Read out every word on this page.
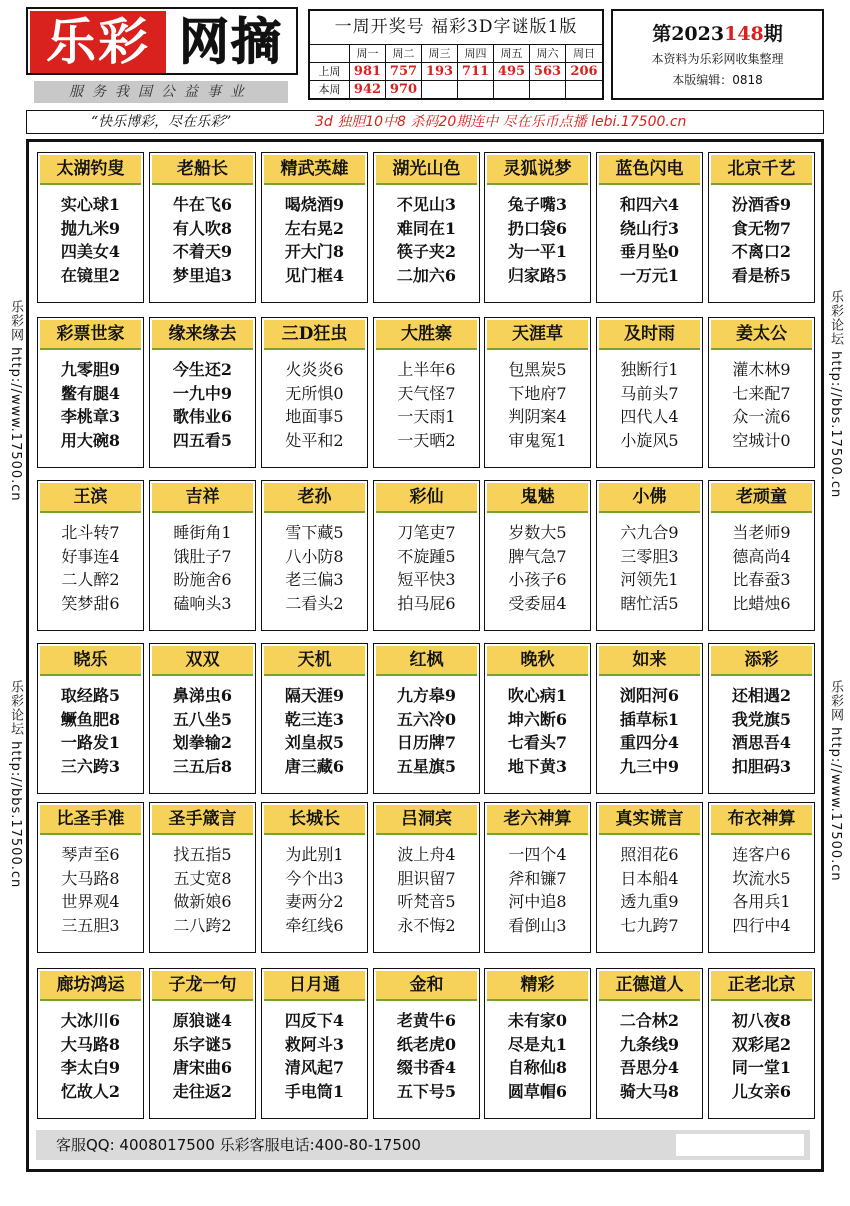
乐彩 网摘
服务我国公益事业
一周开奖号 福彩3D字谜版1版
周一	周二	周三	周四	周五	周六	周日
上周	981 757 193 711 495 563 206
本周	942 970
第2023148期
本资料为乐彩网收集整理
本版编辑：0818
“快乐博彩，尽在乐彩”	3d 独胆10中8 杀码20期连中 尽在乐币点播 lebi.17500.cn
乐彩网 http://www.17500.cn
乐彩论坛 http://bbs.17500.cn
乐彩论坛 http://bbs.17500.cn
乐彩网 http://www.17500.cn
太湖钓叟
实心球1
抛九米9
四美女4
在镜里2
老船长
牛在飞6
有人吹8
不着天9
梦里追3
精武英雄
喝烧酒9
左右晃2
开大门8
见门框4
湖光山色
不见山3
难同在1
筷子夹2
二加六6
灵狐说梦
兔子嘴3
扔口袋6
为一平1
归家路5
蓝色闪电
和四六4
绕山行3
垂月坠0
一万元1
北京千艺
汾酒香9
食无物7
不离口2
看是桥5
彩票世家
九零胆9
鳖有腿4
李桃章3
用大碗8
缘来缘去
今生还2
一九中9
歌伟业6
四五看5
三D狂虫
火炎炎6
无所惧0
地面事5
处平和2
大胜寨
上半年6
天气怪7
一天雨1
一天晒2
天涯草
包黑炭5
下地府7
判阴案4
审鬼冤1
及时雨
独断行1
马前头7
四代人4
小旋风5
姜太公
灌木林9
七来配7
众一流6
空城计0
王滨
北斗转7
好事连4
二人醉2
笑梦甜6
吉祥
睡街角1
饿肚子7
盼施舍6
磕响头3
老孙
雪下藏5
八小防8
老三偏3
二看头2
彩仙
刀笔吏7
不旋踵5
短平快3
拍马屁6
鬼魅
岁数大5
脾气急7
小孩子6
受委屈4
小佛
六九合9
三零胆3
河领先1
瞎忙活5
老顽童
当老师9
德高尚4
比春蚕3
比蜡烛6
晓乐
取经路5
鳜鱼肥8
一路发1
三六跨3
双双
鼻涕虫6
五八坐5
划拳输2
三五后8
天机
隔天涯9
乾三连3
刘皇叔5
唐三藏6
红枫
九方皋9
五六冷0
日历牌7
五星旗5
晚秋
吹心病1
坤六断6
七看头7
地下黄3
如来
浏阳河6
插草标1
重四分4
九三中9
添彩
还相遇2
我党旗5
酒思吾4
扣胆码3
比圣手准
琴声至6
大马路8
世界观4
三五胆3
圣手箴言
找五指5
五丈宽8
做新娘6
二八跨2
长城长
为此别1
今个出3
妻两分2
牵红线6
吕洞宾
波上舟4
胆识留7
听梵音5
永不悔2
老六神算
一四个4
斧和镰7
河中追8
看倒山3
真实谎言
照泪花6
日本船4
透九重9
七九跨7
布衣神算
连客户6
坎流水5
各用兵1
四行中4
廊坊鸿运
大冰川6
大马路8
李太白9
忆故人2
子龙一句
原狼谜4
乐字谜5
唐宋曲6
走往返2
日月通
四反下4
救阿斗3
清风起7
手电筒1
金和
老黄牛6
纸老虎0
缀书香4
五下号5
精彩
未有家0
尽是丸1
自称仙8
圆草帽6
正德道人
二合林2
九条线9
吾思分4
骑大马8
正老北京
初八夜8
双彩尾2
同一堂1
儿女亲6
客服QQ: 4008017500 乐彩客服电话:400-80-17500
